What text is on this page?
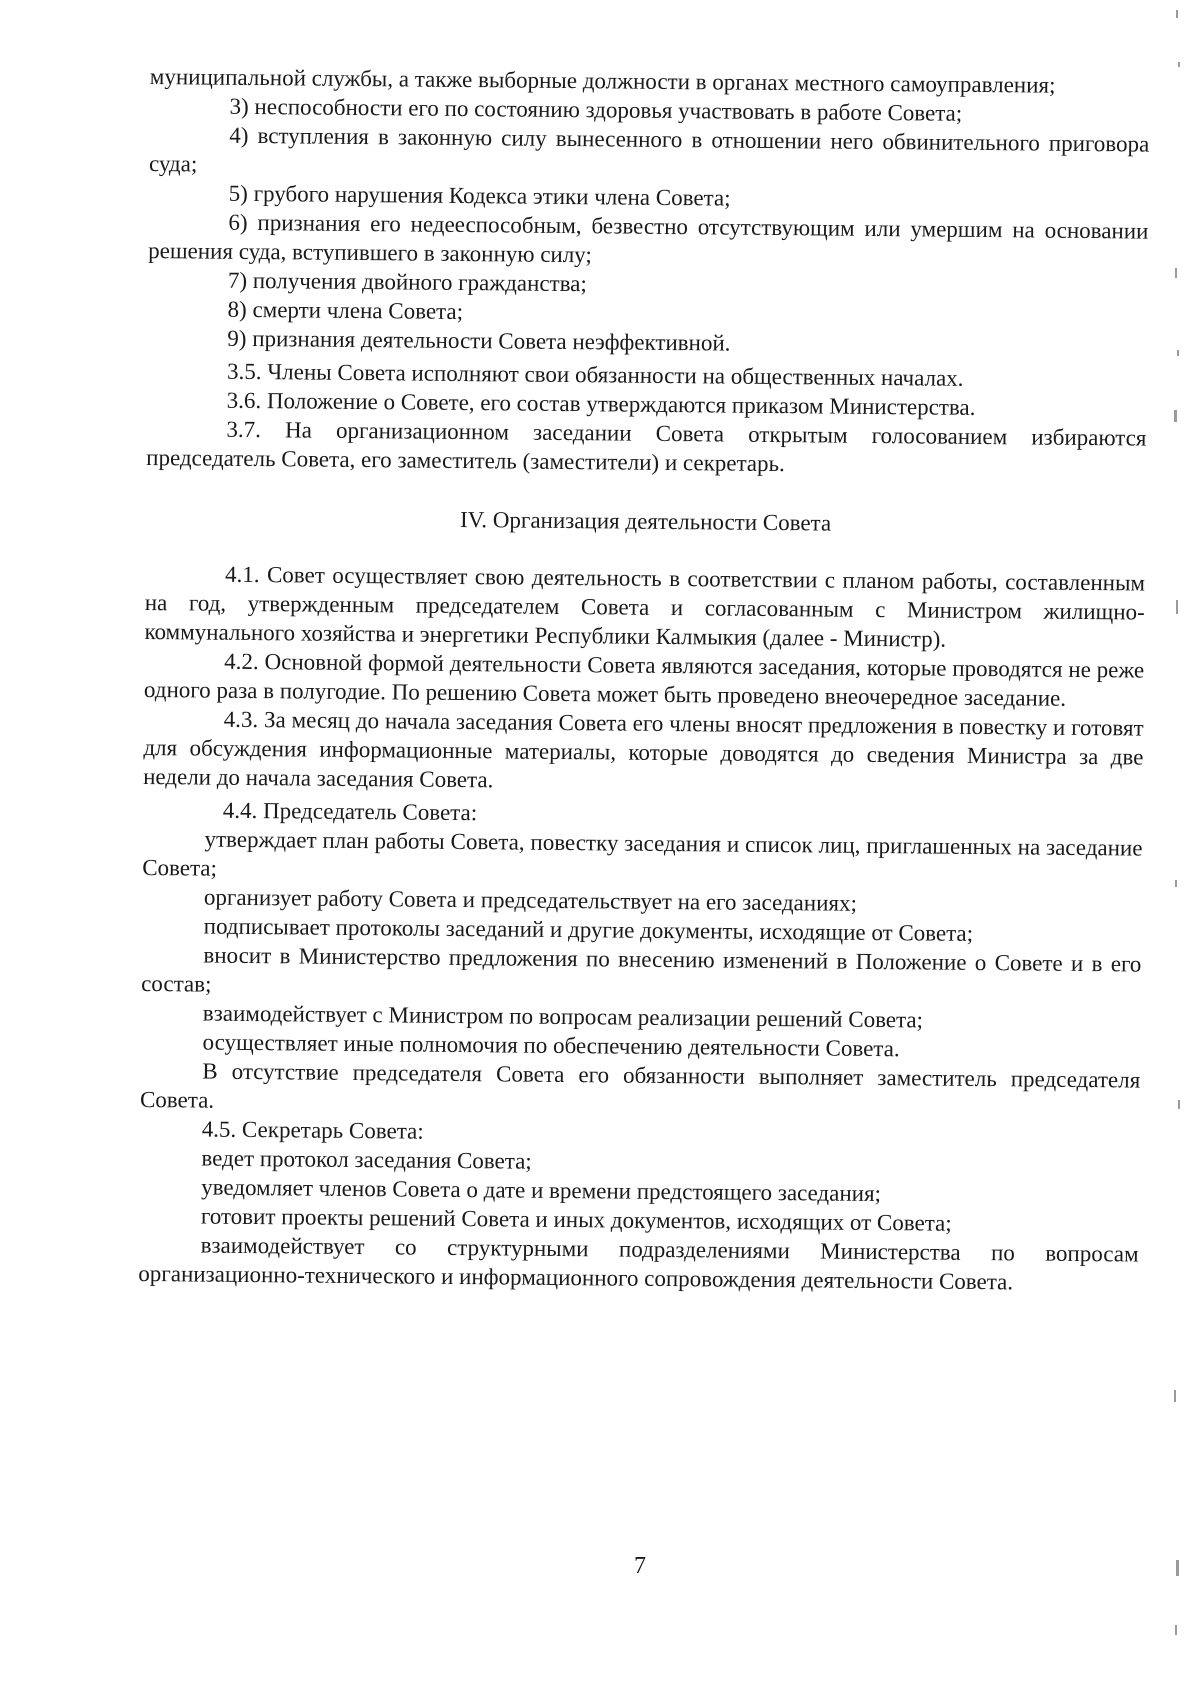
муниципальной службы, а также выборные должности в органах местного самоуправления;

3) неспособности его по состоянию здоровья участвовать в работе Совета;

4) вступления в законную силу вынесенного в отношении него обвинительного приговора суда;

5) грубого нарушения Кодекса этики члена Совета;

6) признания его недееспособным, безвестно отсутствующим или умершим на основании решения суда, вступившего в законную силу;

7) получения двойного гражданства;

8) смерти члена Совета;

9) признания деятельности Совета неэффективной.

3.5. Члены Совета исполняют свои обязанности на общественных началах.

3.6. Положение о Совете, его состав утверждаются приказом Министерства.

3.7. На организационном заседании Совета открытым голосованием избираются председатель Совета, его заместитель (заместители) и секретарь.

IV. Организация деятельности Совета

4.1. Совет осуществляет свою деятельность в соответствии с планом работы, составленным на год, утвержденным председателем Совета и согласованным с Министром жилищно-коммунального хозяйства и энергетики Республики Калмыкия (далее - Министр).

4.2. Основной формой деятельности Совета являются заседания, которые проводятся не реже одного раза в полугодие. По решению Совета может быть проведено внеочередное заседание.

4.3. За месяц до начала заседания Совета его члены вносят предложения в повестку и готовят для обсуждения информационные материалы, которые доводятся до сведения Министра за две недели до начала заседания Совета.

4.4. Председатель Совета:

утверждает план работы Совета, повестку заседания и список лиц, приглашенных на заседание Совета;

организует работу Совета и председательствует на его заседаниях;

подписывает протоколы заседаний и другие документы, исходящие от Совета;

вносит в Министерство предложения по внесению изменений в Положение о Совете и в его состав;

взаимодействует с Министром по вопросам реализации решений Совета;

осуществляет иные полномочия по обеспечению деятельности Совета.

В отсутствие председателя Совета его обязанности выполняет заместитель председателя Совета.

4.5. Секретарь Совета:

ведет протокол заседания Совета;

уведомляет членов Совета о дате и времени предстоящего заседания;

готовит проекты решений Совета и иных документов, исходящих от Совета;

взаимодействует со структурными подразделениями Министерства по вопросам организационно-технического и информационного сопровождения деятельности Совета.

7
